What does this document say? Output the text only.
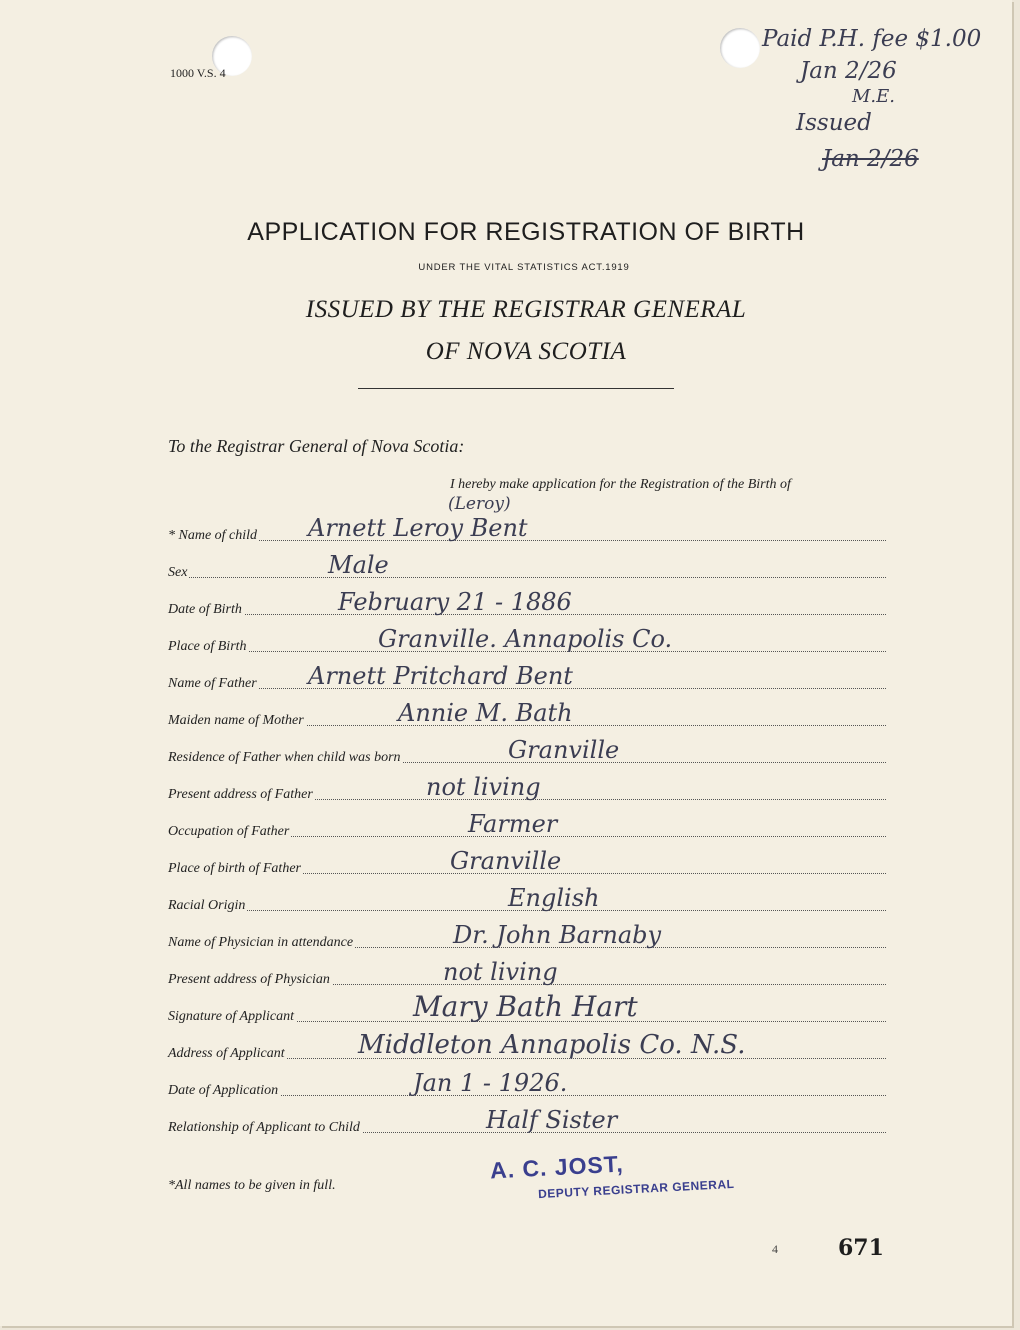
1000 V.S. 4
Paid P.H. fee $1.00
Jan 2/26
M.E.
Issued
Jan 2/26
APPLICATION FOR REGISTRATION OF BIRTH
UNDER THE VITAL STATISTICS ACT.1919
ISSUED BY THE REGISTRAR GENERAL
OF NOVA SCOTIA
To the Registrar General of Nova Scotia:
I hereby make application for the Registration of the Birth of
(Leroy)
* Name of child Arnett Leroy Bent
Sex	Male
Date of Birth	February 21 - 1886
Place of Birth	Granville. Annapolis Co.
Name of Father Arnett Pritchard Bent
Maiden name of Mother	Annie M. Bath
Residence of Father when child was born	Granville
Present address of Father	not living
Occupation of Father	Farmer
Place of birth of Father	Granville
Racial Origin	English
Name of Physician in attendance	Dr. John Barnaby
Present address of Physician	not living
Signature of Applicant	Mary Bath Hart
Address of Applicant	Middleton Annapolis Co. N.S.
Date of Application	Jan 1 - 1926.
Relationship of Applicant to Child	Half Sister
*All names to be given in full.
A. C. JOST,
DEPUTY REGISTRAR GENERAL
4	671
